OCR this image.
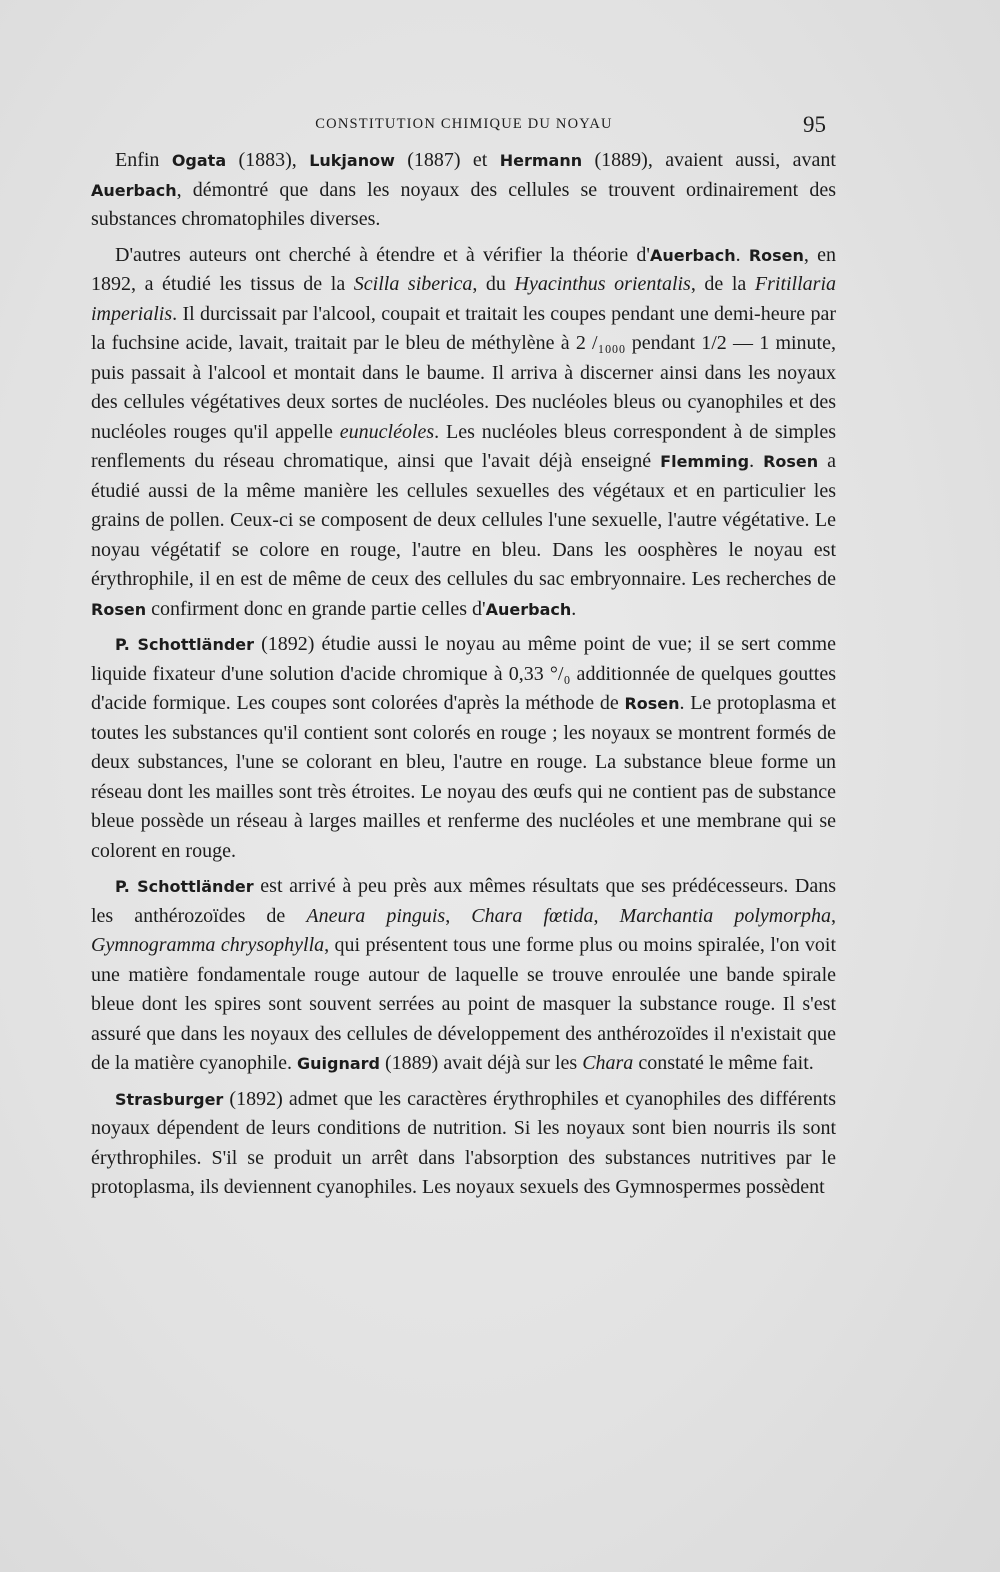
CONSTITUTION CHIMIQUE DU NOYAU	95

Enfin Ogata (1883), Lukjanow (1887) et Hermann (1889), avaient aussi, avant Auerbach, démontré que dans les noyaux des cellules se trouvent ordinairement des substances chromatophiles diverses.

D'autres auteurs ont cherché à étendre et à vérifier la théorie d'Auerbach. Rosen, en 1892, a étudié les tissus de la Scilla siberica, du Hyacinthus orientalis, de la Fritillaria imperialis. Il durcissait par l'alcool, coupait et traitait les coupes pendant une demi-heure par la fuchsine acide, lavait, traitait par le bleu de méthylène à 2 /₁₀₀₀ pendant 1/2 — 1 minute, puis passait à l'alcool et montait dans le baume. Il arriva à discerner ainsi dans les noyaux des cellules végétatives deux sortes de nucléoles. Des nucléoles bleus ou cyanophiles et des nucléoles rouges qu'il appelle eunucléoles. Les nucléoles bleus correspondent à de simples renflements du réseau chromatique, ainsi que l'avait déjà enseigné Flemming. Rosen a étudié aussi de la même manière les cellules sexuelles des végétaux et en particulier les grains de pollen. Ceux-ci se composent de deux cellules l'une sexuelle, l'autre végétative. Le noyau végétatif se colore en rouge, l'autre en bleu. Dans les oosphères le noyau est érythrophile, il en est de même de ceux des cellules du sac embryonnaire. Les recherches de Rosen confirment donc en grande partie celles d'Auerbach.

P. Schottländer (1892) étudie aussi le noyau au même point de vue; il se sert comme liquide fixateur d'une solution d'acide chromique à 0,33 °/₀ additionnée de quelques gouttes d'acide formique. Les coupes sont colorées d'après la méthode de Rosen. Le protoplasma et toutes les substances qu'il contient sont colorés en rouge ; les noyaux se montrent formés de deux substances, l'une se colorant en bleu, l'autre en rouge. La substance bleue forme un réseau dont les mailles sont très étroites. Le noyau des œufs qui ne contient pas de substance bleue possède un réseau à larges mailles et renferme des nucléoles et une membrane qui se colorent en rouge.

P. Schottländer est arrivé à peu près aux mêmes résultats que ses prédécesseurs. Dans les anthérozoïdes de Aneura pinguis, Chara fœtida, Marchantia polymorpha, Gymnogramma chrysophylla, qui présentent tous une forme plus ou moins spiralée, l'on voit une matière fondamentale rouge autour de laquelle se trouve enroulée une bande spirale bleue dont les spires sont souvent serrées au point de masquer la substance rouge. Il s'est assuré que dans les noyaux des cellules de développement des anthérozoïdes il n'existait que de la matière cyanophile. Guignard (1889) avait déjà sur les Chara constaté le même fait.

Strasburger (1892) admet que les caractères érythrophiles et cyanophiles des différents noyaux dépendent de leurs conditions de nutrition. Si les noyaux sont bien nourris ils sont érythrophiles. S'il se produit un arrêt dans l'absorption des substances nutritives par le protoplasma, ils deviennent cyanophiles. Les noyaux sexuels des Gymnospermes possèdent
